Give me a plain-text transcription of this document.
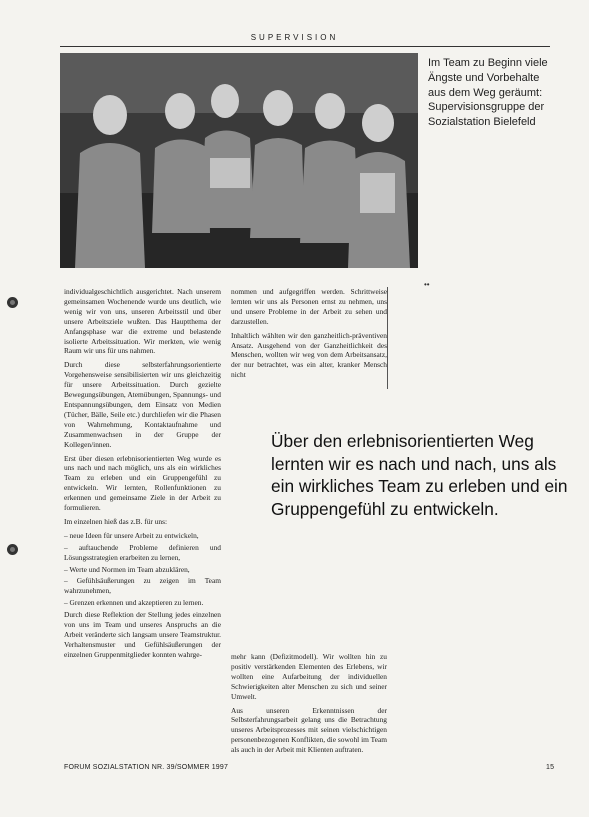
SUPERVISION
Im Team zu Beginn viele Ängste und Vorbehalte aus dem Weg geräumt: Supervisionsgruppe der Sozialstation Bielefeld
••

individualgeschichtlich ausgerichtet. Nach unserem gemeinsamen Wochenende wurde uns deutlich, wie wenig wir von uns, unseren Arbeitsstil und über unsere Arbeitsziele wußten. Das Hauptthema der Anfangsphase war die extreme und belastende isolierte Arbeitssituation. Wir merkten, wie wenig Raum wir uns für uns nahmen.

Durch diese selbsterfahrungsorientierte Vorgehensweise sensibilisierten wir uns gleichzeitig für unsere Arbeitssituation. Durch gezielte Bewegungsübungen, Atemübungen, Spannungs- und Entspannungsübungen, dem Einsatz von Medien (Tücher, Bälle, Seile etc.) durchliefen wir die Phasen von Wahrnehmung, Kontaktaufnahme und Zusammenwachsen in der Gruppe der Kollegen/innen.

Erst über diesen erlebnisorientierten Weg wurde es uns nach und nach möglich, uns als ein wirkliches Team zu erleben und ein Gruppengefühl zu entwickeln. Wir lernten, Rollenfunktionen zu erkennen und gemeinsame Ziele in der Arbeit zu formulieren.

Im einzelnen hieß das z.B. für uns:

– neue Ideen für unsere Arbeit zu entwickeln,

– auftauchende Probleme definieren und Lösungsstrategien erarbeiten zu lernen,

– Werte und Normen im Team abzuklären,

– Gefühlsäußerungen zu zeigen im Team wahrzunehmen,

– Grenzen erkennen und akzeptieren zu lernen.

Durch diese Reflektion der Stellung jedes einzelnen von uns im Team und unseres Anspruchs an die Arbeit veränderte sich langsam unsere Teamstruktur. Verhaltensmuster und Gefühlsäußerungen der einzelnen Gruppenmitglieder konnten wahrge-

nommen und aufgegriffen werden. Schrittweise lernten wir uns als Personen ernst zu nehmen, uns und unsere Probleme in der Arbeit zu sehen und darzustellen.

Inhaltlich wählten wir den ganzheitlich-präventiven Ansatz. Ausgehend von der Ganzheitlichkeit des Menschen, wollten wir weg von dem Arbeitsansatz, der nur betrachtet, was ein alter, kranker Mensch nicht

Über den erlebnisorientierten Weg lernten wir es nach und nach, uns als ein wirkliches Team zu erleben und ein Gruppengefühl zu entwickeln.

mehr kann (Defizitmodell). Wir wollten hin zu positiv verstärkenden Elementen des Erlebens, wir wollten eine Aufarbeitung der individuellen Schwierigkeiten alter Menschen zu sich und seiner Umwelt.

Aus unseren Erkenntnissen der Selbsterfahrungsarbeit gelang uns die Betrachtung unseres Arbeitsprozesses mit seinen vielschichtigen personenbezogenen Konflikten, die sowohl im Team als auch in der Arbeit mit Klienten auftraten.

FORUM SOZIALSTATION NR. 39/SOMMER 1997	15
